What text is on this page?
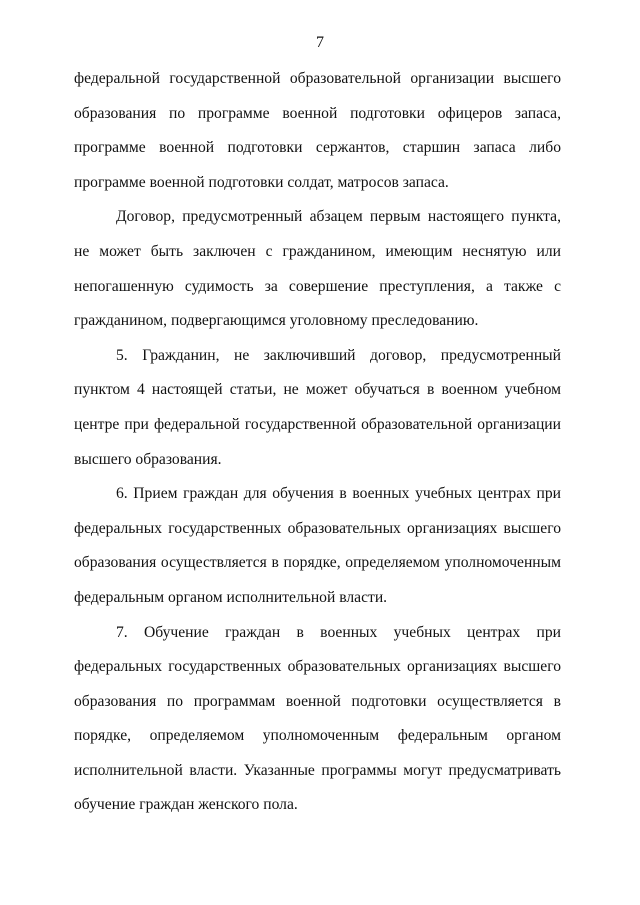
7

федеральной государственной образовательной организации высшего образования по программе военной подготовки офицеров запаса, программе военной подготовки сержантов, старшин запаса либо программе военной подготовки солдат, матросов запаса.

Договор, предусмотренный абзацем первым настоящего пункта, не может быть заключен с гражданином, имеющим неснятую или непогашенную судимость за совершение преступления, а также с гражданином, подвергающимся уголовному преследованию.

5. Гражданин, не заключивший договор, предусмотренный пунктом 4 настоящей статьи, не может обучаться в военном учебном центре при федеральной государственной образовательной организации высшего образования.

6. Прием граждан для обучения в военных учебных центрах при федеральных государственных образовательных организациях высшего образования осуществляется в порядке, определяемом уполномоченным федеральным органом исполнительной власти.

7. Обучение граждан в военных учебных центрах при федеральных государственных образовательных организациях высшего образования по программам военной подготовки осуществляется в порядке, определяемом уполномоченным федеральным органом исполнительной власти. Указанные программы могут предусматривать обучение граждан женского пола.
